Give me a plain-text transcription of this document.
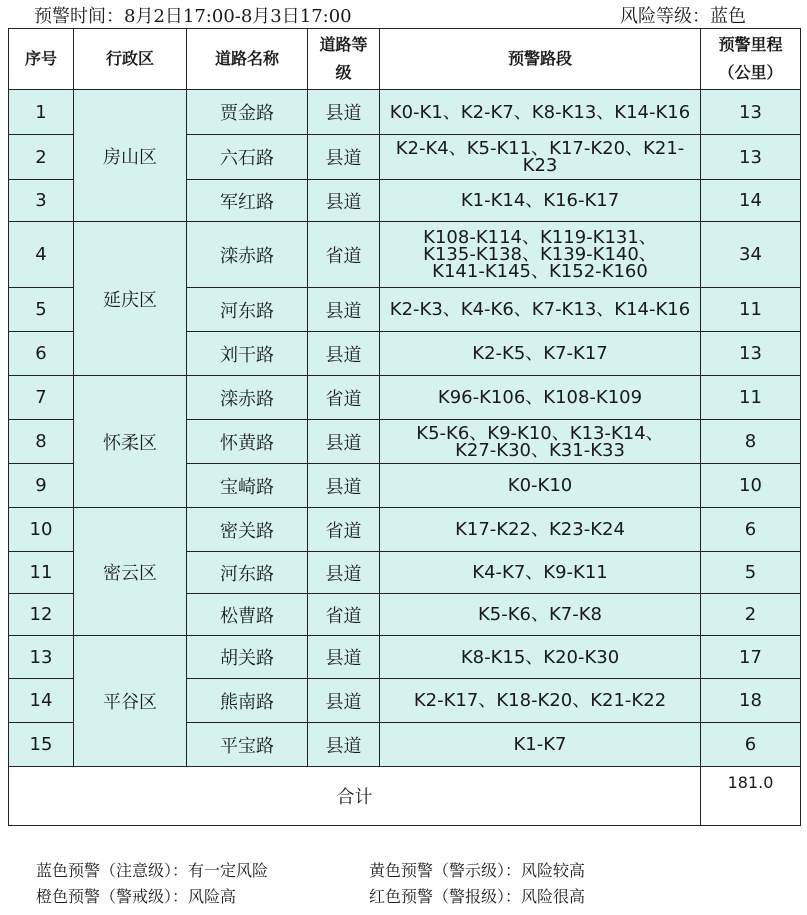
预警时间：8月2日17:00-8月3日17:00	风险等级：蓝色
序号	行政区	道路名称	道路等级	预警路段	预警里程（公里）
1	房山区	贾金路	县道	K0-K1、K2-K7、K8-K13、K14-K16	13
2		六石路	县道	K2-K4、K5-K11、K17-K20、K21-K23	13
3		军红路	县道	K1-K14、K16-K17	14
4	延庆区	滦赤路	省道	K108-K114、K119-K131、K135-K138、K139-K140、K141-K145、K152-K160	34
5		河东路	县道	K2-K3、K4-K6、K7-K13、K14-K16	11
6		刘干路	县道	K2-K5、K7-K17	13
7	怀柔区	滦赤路	省道	K96-K106、K108-K109	11
8		怀黄路	县道	K5-K6、K9-K10、K13-K14、K27-K30、K31-K33	8
9		宝崎路	县道	K0-K10	10
10	密云区	密关路	省道	K17-K22、K23-K24	6
11		河东路	县道	K4-K7、K9-K11	5
12		松曹路	省道	K5-K6、K7-K8	2
13	平谷区	胡关路	县道	K8-K15、K20-K30	17
14		熊南路	县道	K2-K17、K18-K20、K21-K22	18
15		平宝路	县道	K1-K7	6
合计					181.0
蓝色预警（注意级）：有一定风险	黄色预警（警示级）：风险较高
橙色预警（警戒级）：风险高	红色预警（警报级）：风险很高
